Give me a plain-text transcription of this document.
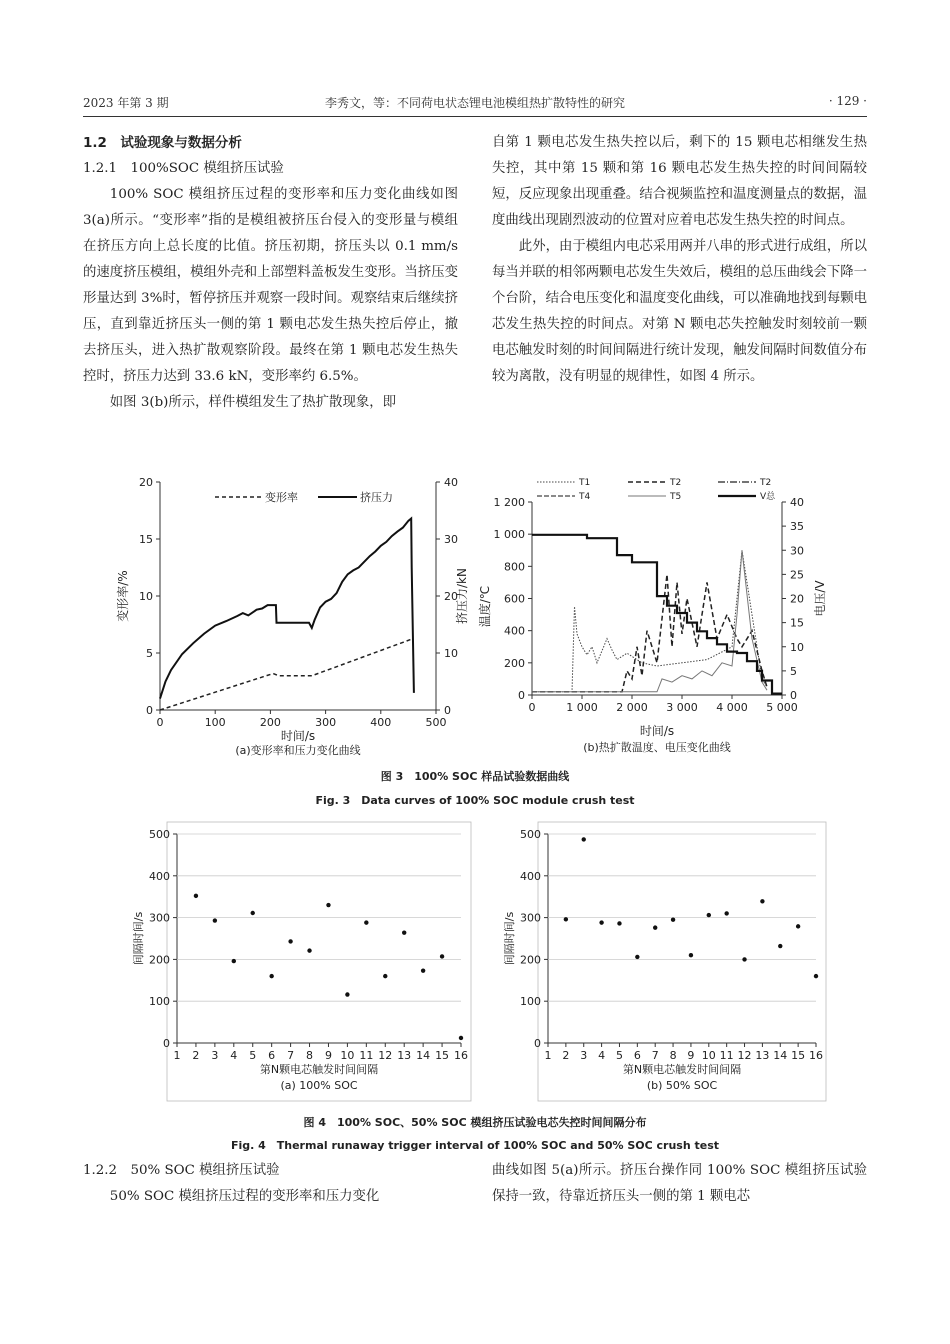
2023 年第 3 期	李秀文，等：不同荷电状态锂电池模组热扩散特性的研究	· 129 ·

1.2　试验现象与数据分析

1.2.1　100%SOC 模组挤压试验

100% SOC 模组挤压过程的变形率和压力变化曲线如图 3(a)所示。“变形率”指的是模组被挤压台侵入的变形量与模组在挤压方向上总长度的比值。挤压初期，挤压头以 0.1 mm/s 的速度挤压模组，模组外壳和上部塑料盖板发生变形。当挤压变形量达到 3%时，暂停挤压并观察一段时间。观察结束后继续挤压，直到靠近挤压头一侧的第 1 颗电芯发生热失控后停止，撤去挤压头，进入热扩散观察阶段。最终在第 1 颗电芯发生热失控时，挤压力达到 33.6 kN，变形率约 6.5%。

如图 3(b)所示，样件模组发生了热扩散现象，即

自第 1 颗电芯发生热失控以后，剩下的 15 颗电芯相继发生热失控，其中第 15 颗和第 16 颗电芯发生热失控的时间间隔较短，反应现象出现重叠。结合视频监控和温度测量点的数据，温度曲线出现剧烈波动的位置对应着电芯发生热失控的时间点。

此外，由于模组内电芯采用两并八串的形式进行成组，所以每当并联的相邻两颗电芯发生失效后，模组的总压曲线会下降一个台阶，结合电压变化和温度变化曲线，可以准确地找到每颗电芯发生热失控的时间点。对第 N 颗电芯失控触发时刻较前一颗电芯触发时刻的时间间隔进行统计发现，触发间隔时间数值分布较为离散，没有明显的规律性，如图 4 所示。

0	100	200	300	400	500
0
5
10
15
20
0
10
20
30
40
变形率/%	挤压力/kN
时间/s
(a)变形率和压力变化曲线
变形率	挤压力
0	1 000 2 000 3 000 4 000 5 000
0
200
400
600
800
1 000
1 200
0
5
10
15
20
25
30
35
40
温度/℃	电压/V
时间/s
(b)热扩散温度、电压变化曲线
T1	T2	T2
T4	T5	V总
1 2 3 4 5 6 7 8 9 10 11 12 13 14 15 16
0
100
200
300
400
500
间隔时间/s
第N颗电芯触发时间间隔
(a) 100% SOC
1 2 3 4 5 6 7 8 9 10 11 12 13 14 15 16
0
100
200
300
400
500
间隔时间/s
第N颗电芯触发时间间隔
(b) 50% SOC
图 3　100% SOC 样品试验数据曲线
Fig. 3　Data curves of 100% SOC module crush test
图 4　100% SOC、50% SOC 模组挤压试验电芯失控时间间隔分布
Fig. 4　Thermal runaway trigger interval of 100% SOC and 50% SOC crush test

1.2.2　50% SOC 模组挤压试验

50% SOC 模组挤压过程的变形率和压力变化

曲线如图 5(a)所示。挤压台操作同 100% SOC 模组挤压试验保持一致，待靠近挤压头一侧的第 1 颗电芯
